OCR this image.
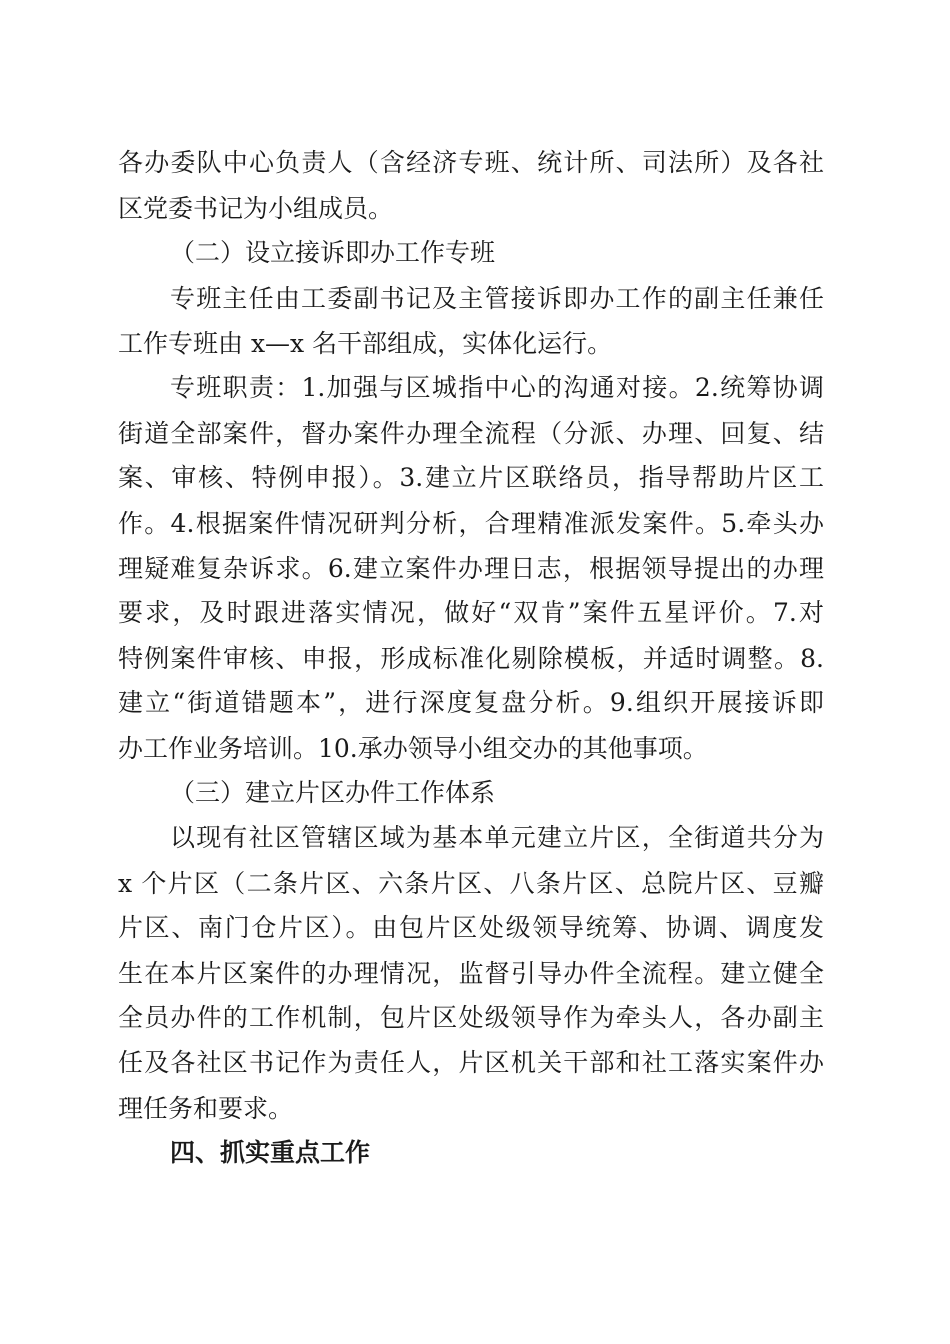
各办委队中心负责人（含经济专班、统计所、司法所）及各社
区党委书记为小组成员。
（二）设立接诉即办工作专班
专班主任由工委副书记及主管接诉即办工作的副主任兼任
工作专班由 x—x 名干部组成，实体化运行。
专班职责：1.加强与区城指中心的沟通对接。2.统筹协调
街道全部案件，督办案件办理全流程（分派、办理、回复、结
案、审核、特例申报）。3.建立片区联络员，指导帮助片区工
作。4.根据案件情况研判分析，合理精准派发案件。5.牵头办
理疑难复杂诉求。6.建立案件办理日志，根据领导提出的办理
要求，及时跟进落实情况，做好“双肯”案件五星评价。7.对
特例案件审核、申报，形成标准化剔除模板，并适时调整。8.
建立“街道错题本”，进行深度复盘分析。9.组织开展接诉即
办工作业务培训。10.承办领导小组交办的其他事项。
（三）建立片区办件工作体系
以现有社区管辖区域为基本单元建立片区，全街道共分为
x 个片区（二条片区、六条片区、八条片区、总院片区、豆瓣
片区、南门仓片区）。由包片区处级领导统筹、协调、调度发
生在本片区案件的办理情况，监督引导办件全流程。建立健全
全员办件的工作机制，包片区处级领导作为牵头人，各办副主
任及各社区书记作为责任人，片区机关干部和社工落实案件办
理任务和要求。
四、抓实重点工作
